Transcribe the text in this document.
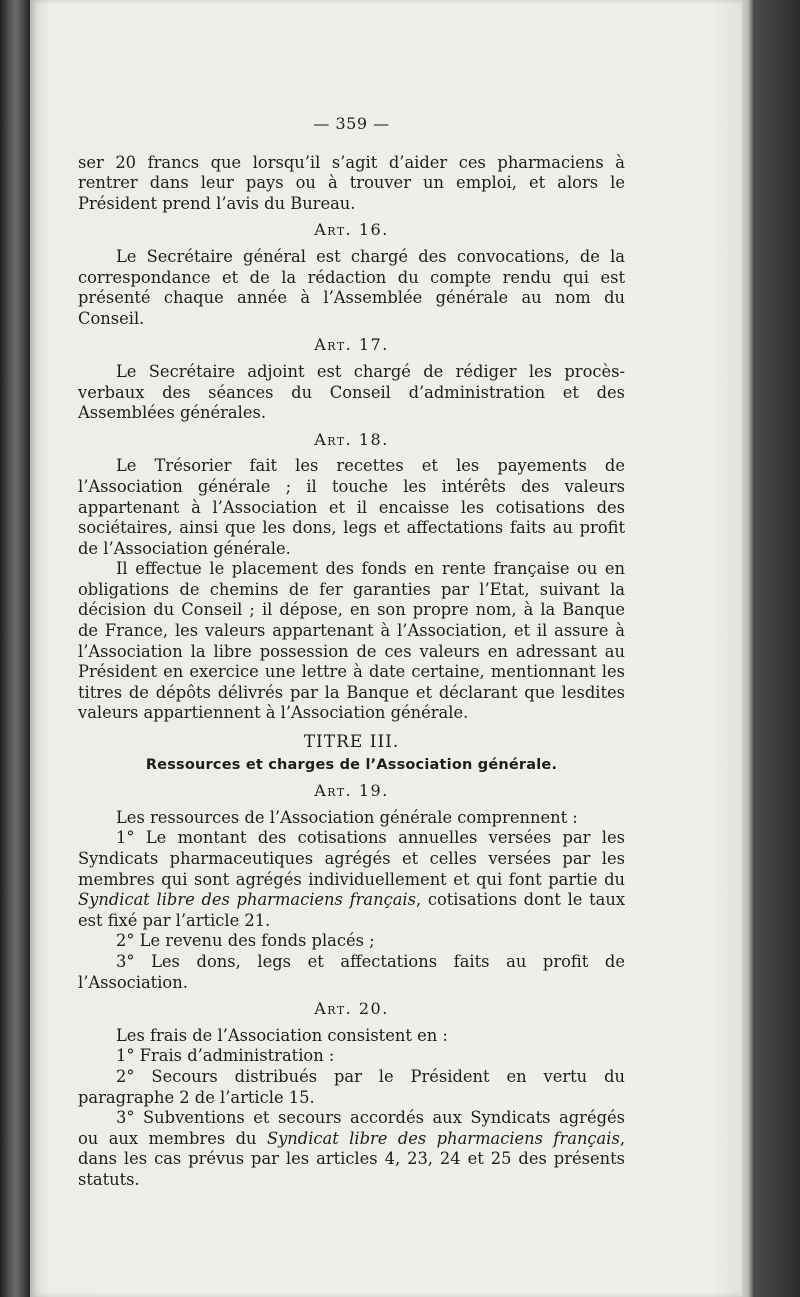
— 359 —

ser 20 francs que lorsqu’il s’agit d’aider ces pharmaciens à rentrer dans leur pays ou à trouver un emploi, et alors le Président prend l’avis du Bureau.

Art. 16.

Le Secrétaire général est chargé des convocations, de la correspondance et de la rédaction du compte rendu qui est présenté chaque année à l’Assemblée générale au nom du Conseil.

Art. 17.

Le Secrétaire adjoint est chargé de rédiger les procès-verbaux des séances du Conseil d’administration et des Assemblées générales.

Art. 18.

Le Trésorier fait les recettes et les payements de l’Association générale ; il touche les intérêts des valeurs appartenant à l’Association et il encaisse les cotisations des sociétaires, ainsi que les dons, legs et affectations faits au profit de l’Association générale.

Il effectue le placement des fonds en rente française ou en obligations de chemins de fer garanties par l’Etat, suivant la décision du Conseil ; il dépose, en son propre nom, à la Banque de France, les valeurs appartenant à l’Association, et il assure à l’Association la libre possession de ces valeurs en adressant au Président en exercice une lettre à date certaine, mentionnant les titres de dépôts délivrés par la Banque et déclarant que lesdites valeurs appartiennent à l’Association générale.

TITRE III.
Ressources et charges de l’Association générale.
Art. 19.

Les ressources de l’Association générale comprennent :

1° Le montant des cotisations annuelles versées par les Syndicats pharmaceutiques agrégés et celles versées par les membres qui sont agrégés individuellement et qui font partie du Syndicat libre des pharmaciens français, cotisations dont le taux est fixé par l’article 21.

2° Le revenu des fonds placés ;

3° Les dons, legs et affectations faits au profit de l’Association.

Art. 20.

Les frais de l’Association consistent en :

1° Frais d’administration :

2° Secours distribués par le Président en vertu du paragraphe 2 de l’article 15.

3° Subventions et secours accordés aux Syndicats agrégés ou aux membres du Syndicat libre des pharmaciens français, dans les cas prévus par les articles 4, 23, 24 et 25 des présents statuts.
